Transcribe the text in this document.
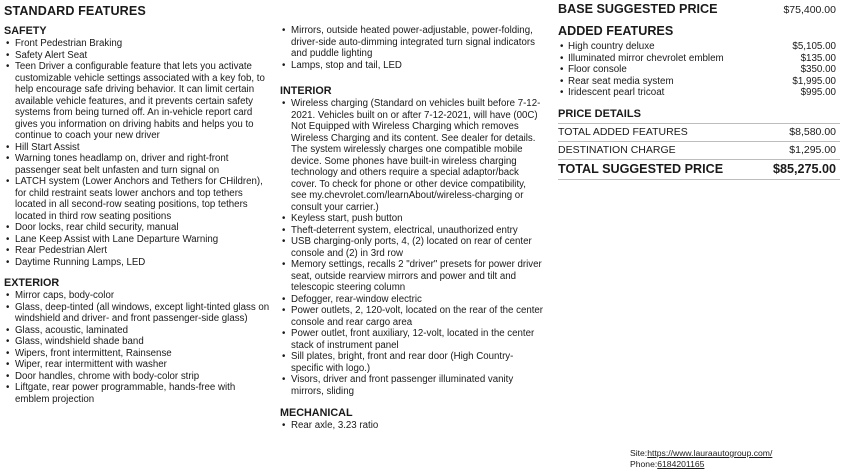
STANDARD FEATURES
SAFETY
• Front Pedestrian Braking
• Safety Alert Seat
• Teen Driver a configurable feature that lets you activate customizable vehicle settings associated with a key fob, to help encourage safe driving behavior. It can limit certain available vehicle features, and it prevents certain safety systems from being turned off. An in-vehicle report card gives you information on driving habits and helps you to continue to coach your new driver
• Hill Start Assist
• Warning tones headlamp on, driver and right-front passenger seat belt unfasten and turn signal on
• LATCH system (Lower Anchors and Tethers for CHildren), for child restraint seats lower anchors and top tethers located in all second-row seating positions, top tethers located in third row seating positions
• Door locks, rear child security, manual
• Lane Keep Assist with Lane Departure Warning
• Rear Pedestrian Alert
• Daytime Running Lamps, LED
EXTERIOR
• Mirror caps, body-color
• Glass, deep-tinted (all windows, except light-tinted glass on windshield and driver- and front passenger-side glass)
• Glass, acoustic, laminated
• Glass, windshield shade band
• Wipers, front intermittent, Rainsense
• Wiper, rear intermittent with washer
• Door handles, chrome with body-color strip
• Liftgate, rear power programmable, hands-free with emblem projection
• Mirrors, outside heated power-adjustable, power-folding, driver-side auto-dimming integrated turn signal indicators and puddle lighting
• Lamps, stop and tail, LED
INTERIOR
• Wireless charging (Standard on vehicles built before 7-12-2021. Vehicles built on or after 7-12-2021, will have (00C) Not Equipped with Wireless Charging which removes Wireless Charging and its content. See dealer for details. The system wirelessly charges one compatible mobile device. Some phones have built-in wireless charging technology and others require a special adaptor/back cover. To check for phone or other device compatibility, see my.chevrolet.com/learnAbout/wireless-charging or consult your carrier.)
• Keyless start, push button
• Theft-deterrent system, electrical, unauthorized entry
• USB charging-only ports, 4, (2) located on rear of center console and (2) in 3rd row
• Memory settings, recalls 2 "driver" presets for power driver seat, outside rearview mirrors and power and tilt and telescopic steering column
• Defogger, rear-window electric
• Power outlets, 2, 120-volt, located on the rear of the center console and rear cargo area
• Power outlet, front auxiliary, 12-volt, located in the center stack of instrument panel
• Sill plates, bright, front and rear door (High Country-specific with logo.)
• Visors, driver and front passenger illuminated vanity mirrors, sliding
MECHANICAL
• Rear axle, 3.23 ratio
BASE SUGGESTED PRICE	$75,400.00
ADDED FEATURES
• High country deluxe	$5,105.00
• Illuminated mirror chevrolet emblem	$135.00
• Floor console	$350.00
• Rear seat media system	$1,995.00
• Iridescent pearl tricoat	$995.00
PRICE DETAILS
TOTAL ADDED FEATURES	$8,580.00
DESTINATION CHARGE	$1,295.00
TOTAL SUGGESTED PRICE	$85,275.00
Site:https://www.lauraautogroup.com/
Phone:6184201165
